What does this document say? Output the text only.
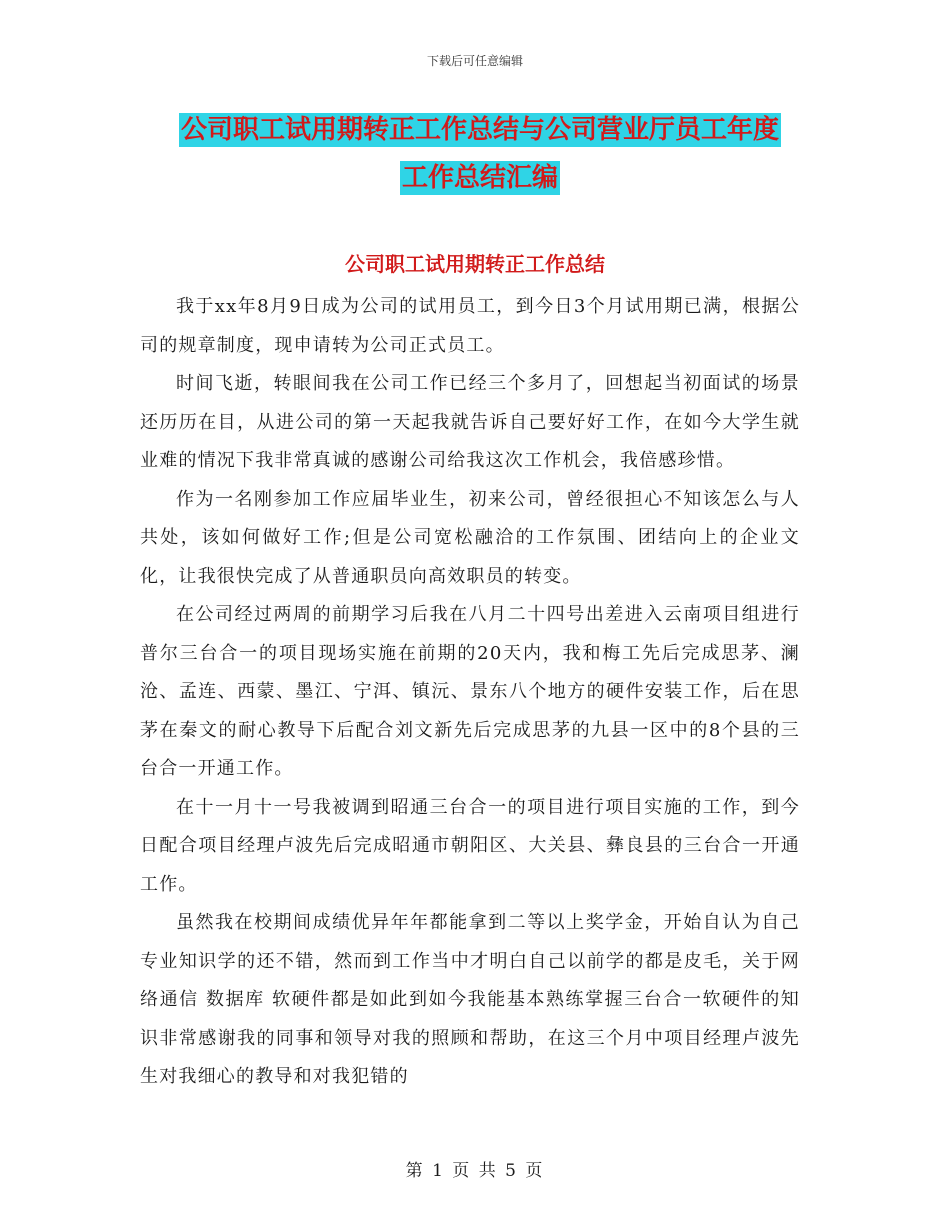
下载后可任意编辑
公司职工试用期转正工作总结与公司营业厅员工年度
工作总结汇编
公司职工试用期转正工作总结

我于xx年8月9日成为公司的试用员工，到今日3个月试用期已满，根据公司的规章制度，现申请转为公司正式员工。

时间飞逝，转眼间我在公司工作已经三个多月了，回想起当初面试的场景还历历在目，从进公司的第一天起我就告诉自己要好好工作，在如今大学生就业难的情况下我非常真诚的感谢公司给我这次工作机会，我倍感珍惜。

作为一名刚参加工作应届毕业生，初来公司，曾经很担心不知该怎么与人共处，该如何做好工作;但是公司宽松融洽的工作氛围、团结向上的企业文化，让我很快完成了从普通职员向高效职员的转变。

在公司经过两周的前期学习后我在八月二十四号出差进入云南项目组进行普尔三台合一的项目现场实施在前期的20天内，我和梅工先后完成思茅、澜沧、孟连、西蒙、墨江、宁洱、镇沅、景东八个地方的硬件安装工作，后在思茅在秦文的耐心教导下后配合刘文新先后完成思茅的九县一区中的8个县的三台合一开通工作。

在十一月十一号我被调到昭通三台合一的项目进行项目实施的工作，到今日配合项目经理卢波先后完成昭通市朝阳区、大关县、彝良县的三台合一开通工作。

虽然我在校期间成绩优异年年都能拿到二等以上奖学金，开始自认为自己专业知识学的还不错，然而到工作当中才明白自己以前学的都是皮毛，关于网络通信 数据库 软硬件都是如此到如今我能基本熟练掌握三台合一软硬件的知识非常感谢我的同事和领导对我的照顾和帮助，在这三个月中项目经理卢波先生对我细心的教导和对我犯错的

第 1 页 共 5 页
